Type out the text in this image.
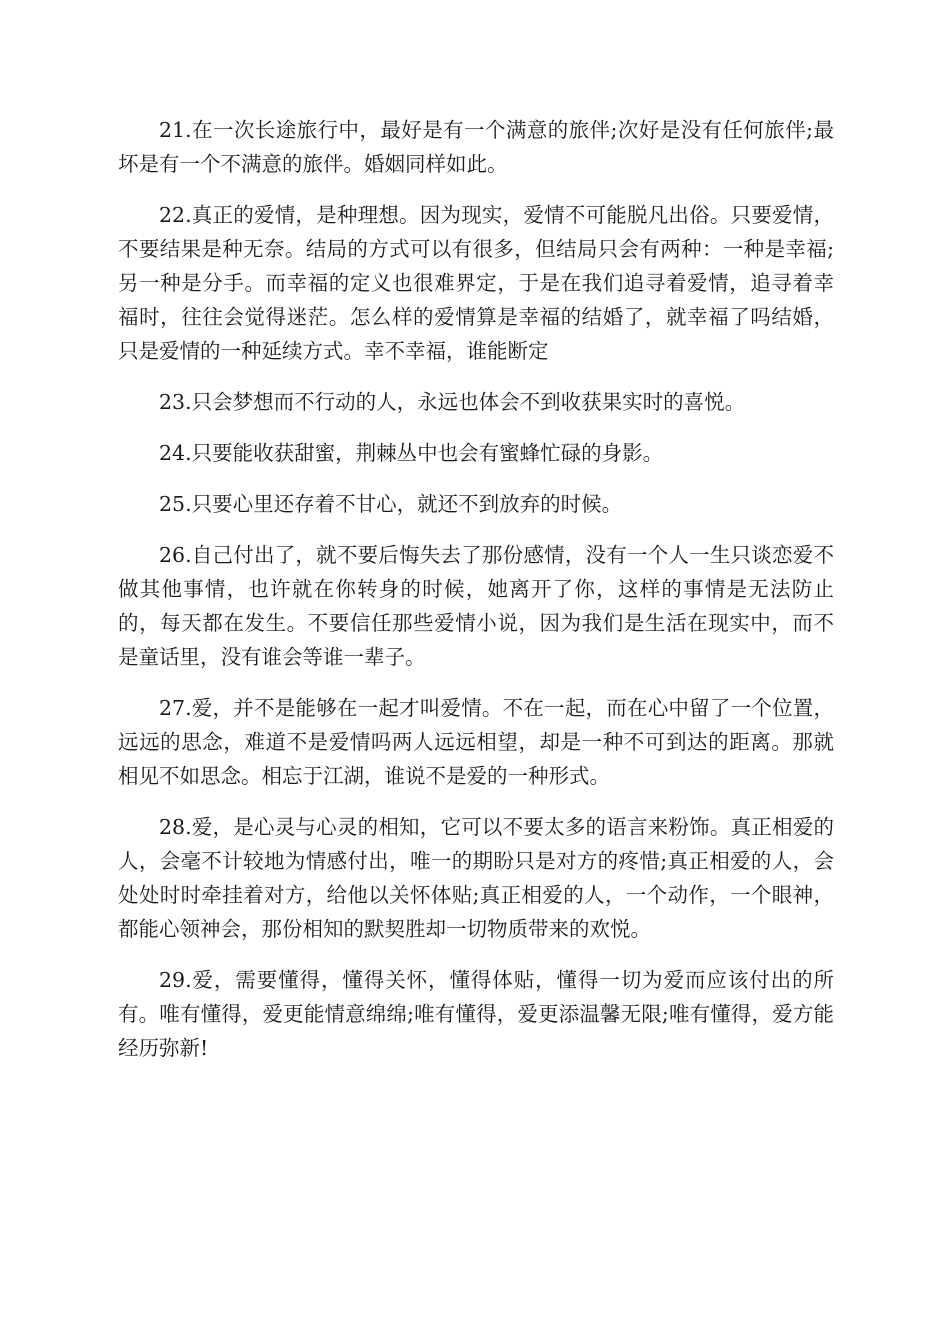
21.在一次长途旅行中，最好是有一个满意的旅伴;次好是没有任何旅伴;最坏是有一个不满意的旅伴。婚姻同样如此。

22.真正的爱情，是种理想。因为现实，爱情不可能脱凡出俗。只要爱情，不要结果是种无奈。结局的方式可以有很多，但结局只会有两种：一种是幸福;另一种是分手。而幸福的定义也很难界定，于是在我们追寻着爱情，追寻着幸福时，往往会觉得迷茫。怎么样的爱情算是幸福的结婚了，就幸福了吗结婚，只是爱情的一种延续方式。幸不幸福，谁能断定

23.只会梦想而不行动的人，永远也体会不到收获果实时的喜悦。

24.只要能收获甜蜜，荆棘丛中也会有蜜蜂忙碌的身影。

25.只要心里还存着不甘心，就还不到放弃的时候。

26.自己付出了，就不要后悔失去了那份感情，没有一个人一生只谈恋爱不做其他事情，也许就在你转身的时候，她离开了你，这样的事情是无法防止的，每天都在发生。不要信任那些爱情小说，因为我们是生活在现实中，而不是童话里，没有谁会等谁一辈子。

27.爱，并不是能够在一起才叫爱情。不在一起，而在心中留了一个位置，远远的思念，难道不是爱情吗两人远远相望，却是一种不可到达的距离。那就相见不如思念。相忘于江湖，谁说不是爱的一种形式。

28.爱，是心灵与心灵的相知，它可以不要太多的语言来粉饰。真正相爱的人，会毫不计较地为情感付出，唯一的期盼只是对方的疼惜;真正相爱的人，会处处时时牵挂着对方，给他以关怀体贴;真正相爱的人，一个动作，一个眼神，都能心领神会，那份相知的默契胜却一切物质带来的欢悦。

29.爱，需要懂得，懂得关怀，懂得体贴，懂得一切为爱而应该付出的所有。唯有懂得，爱更能情意绵绵;唯有懂得，爱更添温馨无限;唯有懂得，爱方能经历弥新!
